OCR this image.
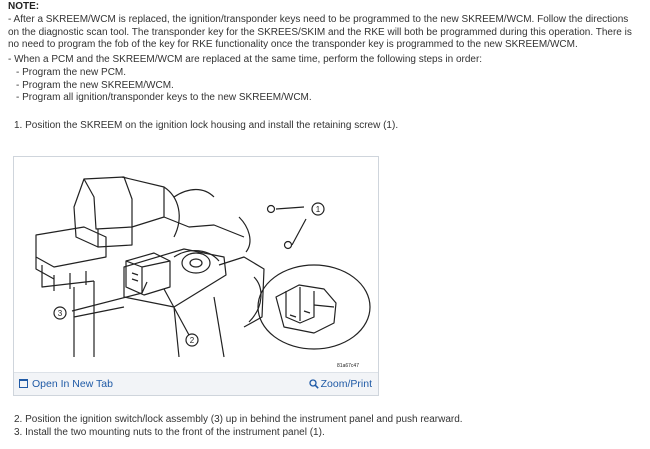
NOTE:
- After a SKREEM/WCM is replaced, the ignition/transponder keys need to be programmed to the new SKREEM/WCM. Follow the directions on the diagnostic scan tool. The transponder key for the SKREES/SKIM and the RKE will both be programmed during this operation. There is no need to program the fob of the key for RKE functionality once the transponder key is programmed to the new SKREEM/WCM.
- When a PCM and the SKREEM/WCM are replaced at the same time, perform the following steps in order:
- Program the new PCM.
- Program the new SKREEM/WCM.
- Program all ignition/transponder keys to the new SKREEM/WCM.
1. Position the SKREEM on the ignition lock housing and install the retaining screw (1).
1
2
3
81a67c47
Open In New Tab	Zoom/Print
2. Position the ignition switch/lock assembly (3) up in behind the instrument panel and push rearward.
3. Install the two mounting nuts to the front of the instrument panel (1).
